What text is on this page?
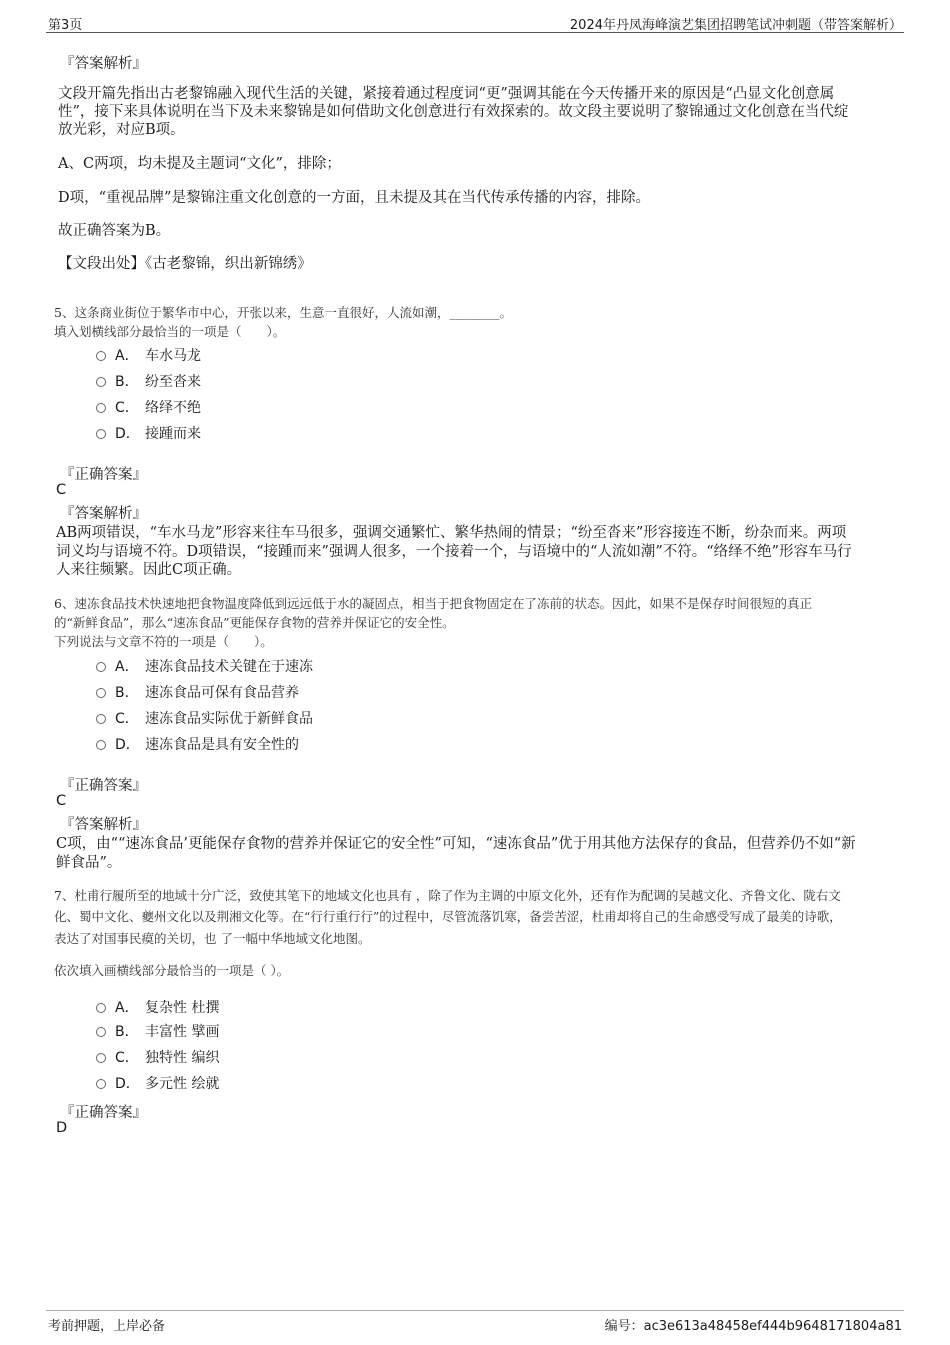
第3页	2024年丹凤海峰演艺集团招聘笔试冲刺题（带答案解析）
『答案解析』
文段开篇先指出古老黎锦融入现代生活的关键，紧接着通过程度词“更”强调其能在今天传播开来的原因是“凸显文化创意属
性”，接下来具体说明在当下及未来黎锦是如何借助文化创意进行有效探索的。故文段主要说明了黎锦通过文化创意在当代绽
放光彩，对应B项。
A、C两项，均未提及主题词“文化”，排除；
D项，“重视品牌”是黎锦注重文化创意的一方面，且未提及其在当代传承传播的内容，排除。
故正确答案为B。
【文段出处】《古老黎锦，织出新锦绣》
5、这条商业街位于繁华市中心，开张以来，生意一直很好，人流如潮，________。
填入划横线部分最恰当的一项是（　　）。
A． 车水马龙
B． 纷至沓来
C． 络绎不绝
D． 接踵而来
『正确答案』
C
『答案解析』
AB两项错误，“车水马龙”形容来往车马很多，强调交通繁忙、繁华热闹的情景；“纷至沓来”形容接连不断，纷杂而来。两项
词义均与语境不符。D项错误，“接踵而来”强调人很多，一个接着一个，与语境中的“人流如潮”不符。“络绎不绝”形容车马行
人来往频繁。因此C项正确。
6、速冻食品技术快速地把食物温度降低到远远低于水的凝固点，相当于把食物固定在了冻前的状态。因此，如果不是保存时间很短的真正
的“新鲜食品”，那么“速冻食品”更能保存食物的营养并保证它的安全性。
下列说法与文章不符的一项是（　　）。
A． 速冻食品技术关键在于速冻
B． 速冻食品可保有食品营养
C． 速冻食品实际优于新鲜食品
D． 速冻食品是具有安全性的
『正确答案』
C
『答案解析』
C项，由““速冻食品’更能保存食物的营养并保证它的安全性”可知，“速冻食品”优于用其他方法保存的食品，但营养仍不如“新
鲜食品”。
7、杜甫行履所至的地域十分广泛，致使其笔下的地域文化也具有 ，除了作为主调的中原文化外，还有作为配调的吴越文化、齐鲁文化、陇右文
化、蜀中文化、夔州文化以及荆湘文化等。在“行行重行行”的过程中，尽管流落饥寒，备尝苦涩，杜甫却将自己的生命感受写成了最美的诗歌，
表达了对国事民瘼的关切，也 了一幅中华地域文化地图。
依次填入画横线部分最恰当的一项是（ ）。
A． 复杂性 杜撰
B． 丰富性 擘画
C． 独特性 编织
D． 多元性 绘就
『正确答案』
D
考前押题，上岸必备	编号：ac3e613a48458ef444b9648171804a81
